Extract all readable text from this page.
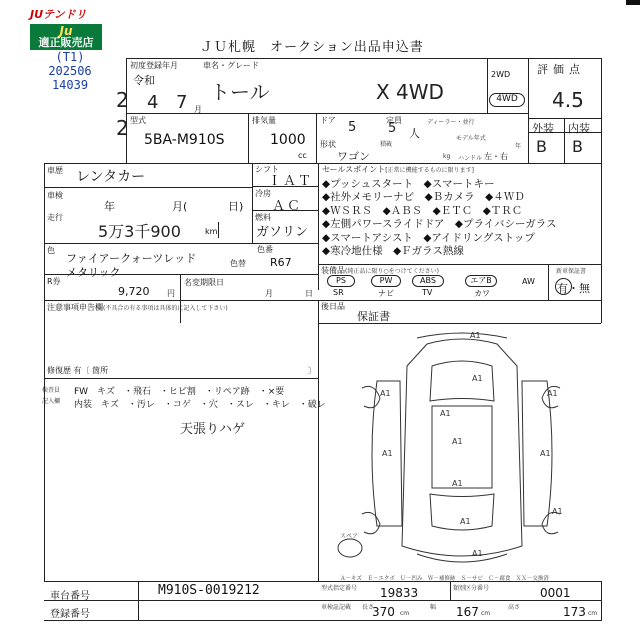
JUテンドリ
Ju
適正販売店
(T1)
202506
14039
ＪＵ札幌　オークション出品申込書
初度登録年月	車名・グレード
令和
4 7 月
トール	X 4WD
2WD
4WD
2
2
評価点
4.5
外装 内装
B B
型式
5BA-M910S
排気量
1000
cc
ドア 5	定員
5 人
ディーラー・並行
モデル年式
年
形状
ワゴン
積載
kg ハンドル 左・右
車歴 レンタカー
車検
年	月(	日)
走行
5万3千900	km
シフト
ＩＡＴ
冷房
ＡＣ
燃料
ガソリン
色
ファイアークォーツレッド
メタリック
色番
色替 R67
R券
9,720 円
名変期限日
月	日
セールスポイント[正常に機能するものに限ります]
◆プッシュスタート　◆スマートキー
◆社外メモリーナビ　◆Ｂカメラ　◆４ＷＤ
◆ＷＳＲＳ　◆ＡＢＳ　◆ＥＴＣ　◆ＴＲＣ
◆左側パワースライドドア　◆プライバシーガラス
◆スマートアシスト　◆アイドリングストップ
◆寒冷地仕様　◆Ｆガラス熱線
装備品(純正品に限り○をつけてください)	新車保証書
PS	PW	ABS	エアB	AW
SR	ナビ	TV	カワ	有・無
注意事項申告欄(不具合の有る事項は具体的に記入して下さい)	後日品
保証書
修復歴 有〔 箇所	〕
検査員
記入欄
FW　キズ　・飛石　・ヒビ割　・リペア跡　・×要
内装　キズ　・汚レ　・コゲ　・穴　・スレ　・キレ　・破レ
天張りハゲ
A1
A1
A1	A1
A1
A1
A1	A1
A1
A1
A1
A1
スペア
Ａ－キズ　Ｅ－エクボ　Ｕ－凹み　Ｗ－補修跡　Ｓ－サビ　Ｃ－腐食　ＸＸ－交換済
車台番号	M910S-0019212
登録番号
型式指定番号 19833	類別区分番号	0001
車検証記載 長さ
370 cm
幅 167 cm
高さ	173 cm
